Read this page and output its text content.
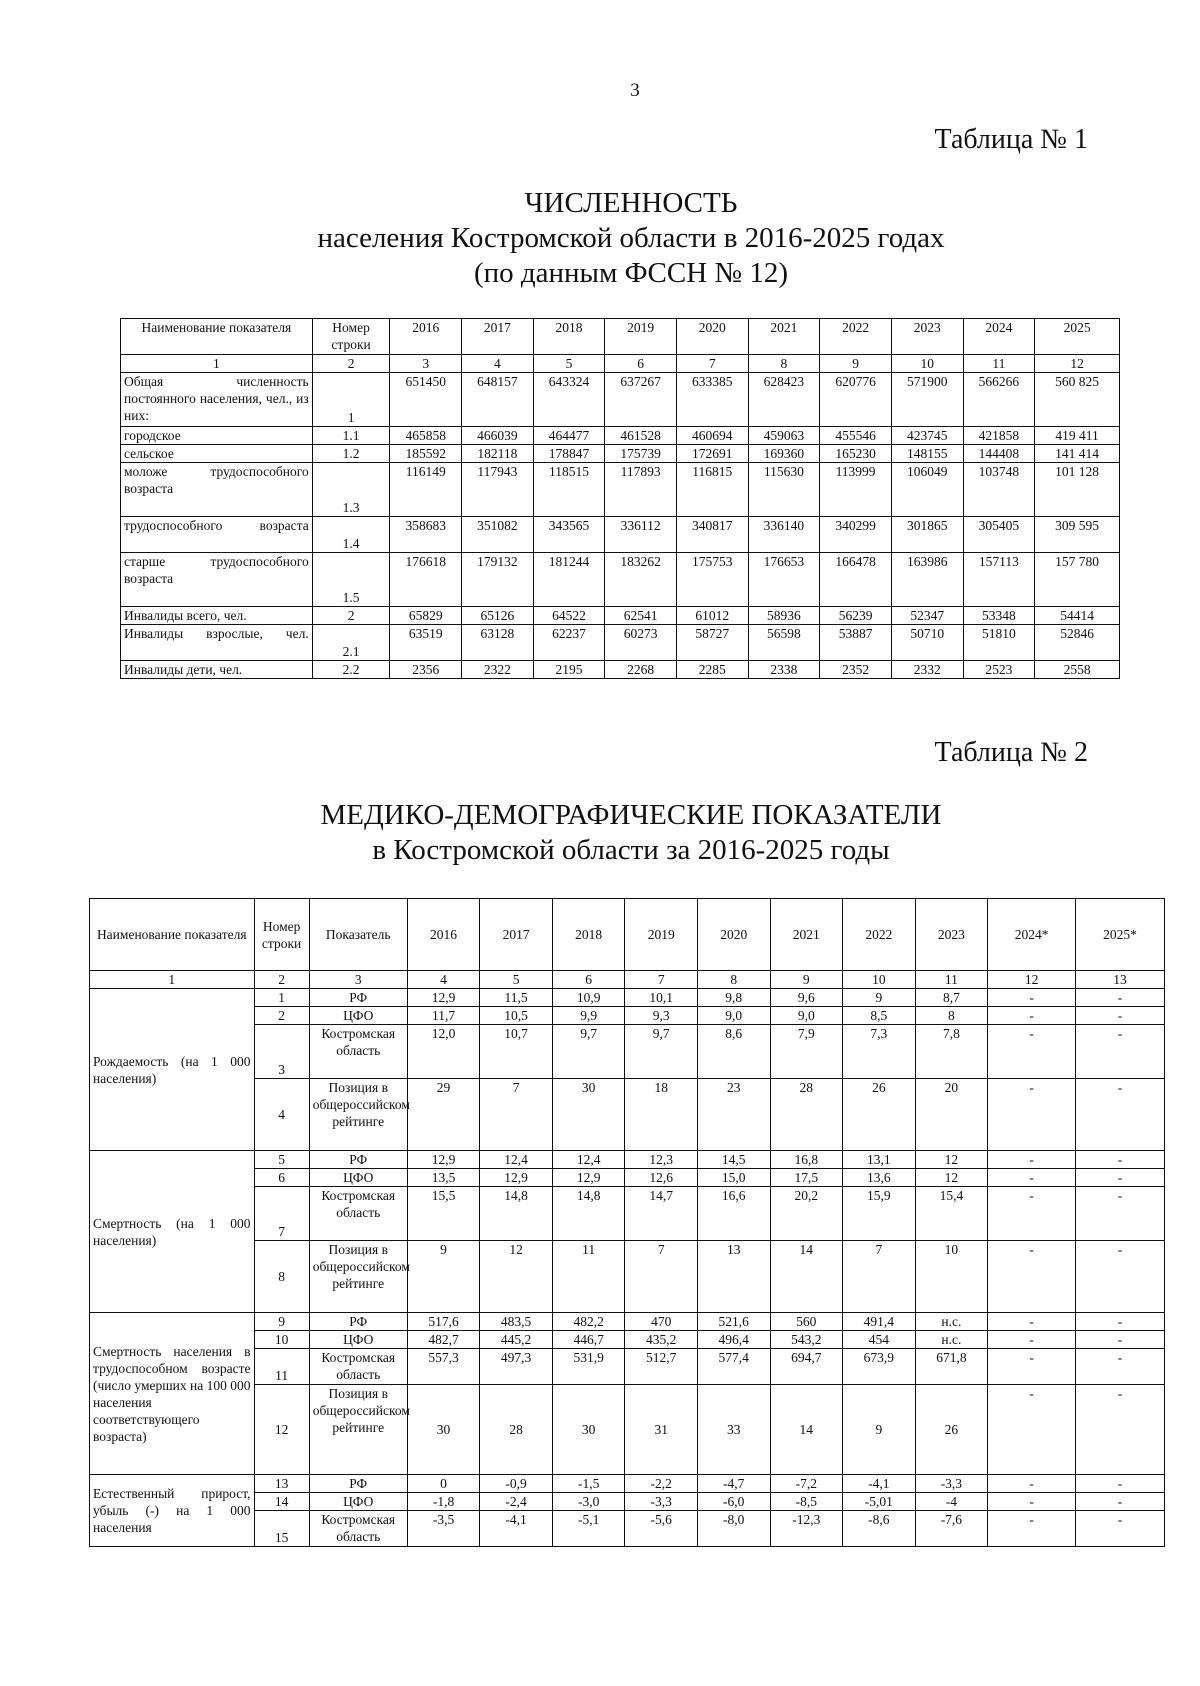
3
Таблица № 1
ЧИСЛЕННОСТЬ
населения Костромской области в 2016-2025 годах
(по данным ФССН № 12)
Наименование показателя	Номер строки	2016	2017	2018	2019	2020	2021	2022	2023	2024	2025
1	2	3	4	5	6	7	8	9	10	11	12
Общая численность постоянного населения, чел., из них:	1	651450	648157	643324	637267	633385	628423	620776	571900	566266	560 825
городское	1.1	465858	466039	464477	461528	460694	459063	455546	423745	421858	419 411
сельское	1.2	185592	182118	178847	175739	172691	169360	165230	148155	144408	141 414
моложе трудоспособного возраста	1.3	116149	117943	118515	117893	116815	115630	113999	106049	103748	101 128
трудоспособного возраста	1.4	358683	351082	343565	336112	340817	336140	340299	301865	305405	309 595
старше трудоспособного возраста	1.5	176618	179132	181244	183262	175753	176653	166478	163986	157113	157 780
Инвалиды всего, чел.	2	65829	65126	64522	62541	61012	58936	56239	52347	53348	54414
Инвалиды взрослые, чел.	2.1	63519	63128	62237	60273	58727	56598	53887	50710	51810	52846
Инвалиды дети, чел.	2.2	2356	2322	2195	2268	2285	2338	2352	2332	2523	2558
Таблица № 2
МЕДИКО-ДЕМОГРАФИЧЕСКИЕ ПОКАЗАТЕЛИ
в Костромской области за 2016-2025 годы
Наименование показателя	Номер строки	Показатель	2016	2017	2018	2019	2020	2021	2022	2023	2024*	2025*
1	2	3	4	5	6	7	8	9	10	11	12	13
Рождаемость (на 1 000 населения)	1	РФ	12,9	11,5	10,9	10,1	9,8	9,6	9	8,7	-	-
	2	ЦФО	11,7	10,5	9,9	9,3	9,0	9,0	8,5	8	-	-
	3	Костромская область	12,0	10,7	9,7	9,7	8,6	7,9	7,3	7,8	-	-
	4	Позиция в общероссийском рейтинге	29	7	30	18	23	28	26	20	-	-
Смертность (на 1 000 населения)	5	РФ	12,9	12,4	12,4	12,3	14,5	16,8	13,1	12	-	-
	6	ЦФО	13,5	12,9	12,9	12,6	15,0	17,5	13,6	12	-	-
	7	Костромская область	15,5	14,8	14,8	14,7	16,6	20,2	15,9	15,4	-	-
	8	Позиция в общероссийском рейтинге	9	12	11	7	13	14	7	10	-	-
Смертность населения в трудоспособном возрасте (число умерших на 100 000 населения соответствующего возраста)	9	РФ	517,6	483,5	482,2	470	521,6	560	491,4	н.с.	-	-
	10	ЦФО	482,7	445,2	446,7	435,2	496,4	543,2	454	н.с.	-	-
	11	Костромская область	557,3	497,3	531,9	512,7	577,4	694,7	673,9	671,8	-	-
	12	Позиция в общероссийском рейтинге	30	28	30	31	33	14	9	26	-	-
Естественный прирост, убыль (-) на 1 000 населения	13	РФ	0	-0,9	-1,5	-2,2	-4,7	-7,2	-4,1	-3,3	-	-
	14	ЦФО	-1,8	-2,4	-3,0	-3,3	-6,0	-8,5	-5,01	-4	-	-
	15	Костромская область	-3,5	-4,1	-5,1	-5,6	-8,0	-12,3	-8,6	-7,6	-	-
